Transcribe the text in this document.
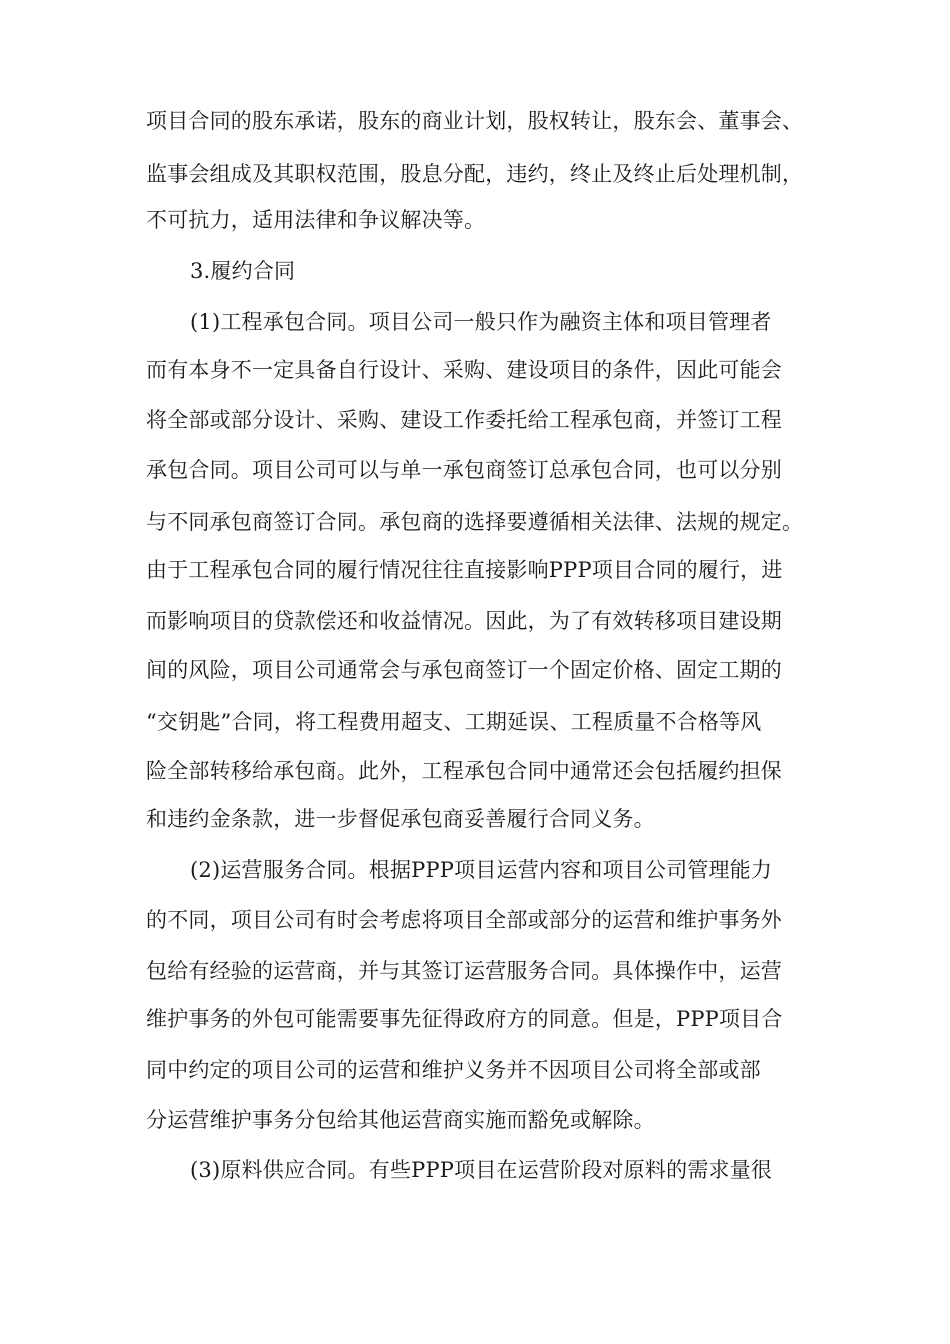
项目合同的股东承诺，股东的商业计划，股权转让，股东会、董事会、
监事会组成及其职权范围，股息分配，违约，终止及终止后处理机制，
不可抗力，适用法律和争议解决等。
3.履约合同
(1)工程承包合同。项目公司一般只作为融资主体和项目管理者
而有本身不一定具备自行设计、采购、建设项目的条件，因此可能会
将全部或部分设计、采购、建设工作委托给工程承包商，并签订工程
承包合同。项目公司可以与单一承包商签订总承包合同，也可以分别
与不同承包商签订合同。承包商的选择要遵循相关法律、法规的规定。
由于工程承包合同的履行情况往往直接影响PPP项目合同的履行，进
而影响项目的贷款偿还和收益情况。因此，为了有效转移项目建设期
间的风险，项目公司通常会与承包商签订一个固定价格、固定工期的
“交钥匙”合同，将工程费用超支、工期延误、工程质量不合格等风
险全部转移给承包商。此外，工程承包合同中通常还会包括履约担保
和违约金条款，进一步督促承包商妥善履行合同义务。
(2)运营服务合同。根据PPP项目运营内容和项目公司管理能力
的不同，项目公司有时会考虑将项目全部或部分的运营和维护事务外
包给有经验的运营商，并与其签订运营服务合同。具体操作中，运营
维护事务的外包可能需要事先征得政府方的同意。但是，PPP项目合
同中约定的项目公司的运营和维护义务并不因项目公司将全部或部
分运营维护事务分包给其他运营商实施而豁免或解除。
(3)原料供应合同。有些PPP项目在运营阶段对原料的需求量很
